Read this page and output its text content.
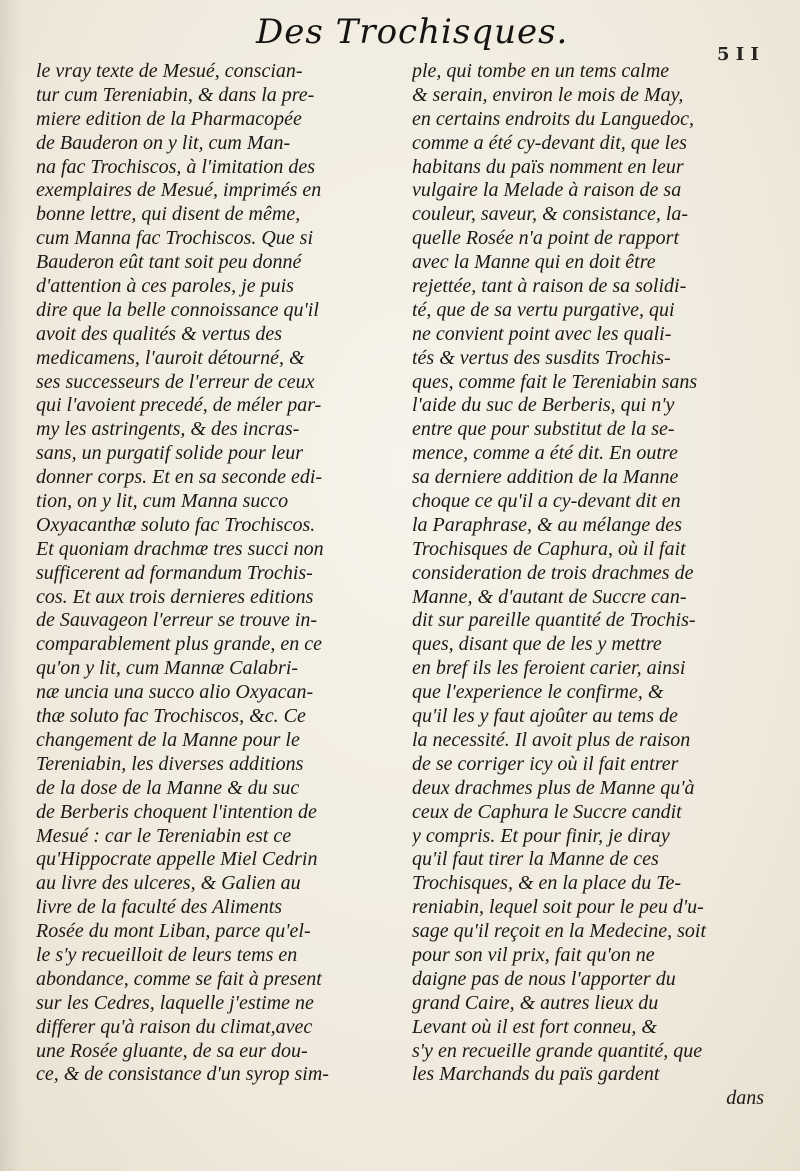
Des Trochisques.
5 I I
le vray texte de Mesué, conscian-
tur cum Tereniabin, & dans la pre-
miere edition de la Pharmacopée
de Bauderon on y lit, cum Man-
na fac Trochiscos, à l'imitation des
exemplaires de Mesué, imprimés en
bonne lettre, qui disent de même,
cum Manna fac Trochiscos. Que si
Bauderon eût tant soit peu donné
d'attention à ces paroles, je puis
dire que la belle connoissance qu'il
avoit des qualités & vertus des
medicamens, l'auroit détourné, &
ses successeurs de l'erreur de ceux
qui l'avoient precedé, de méler par-
my les astringents, & des incras-
sans, un purgatif solide pour leur
donner corps. Et en sa seconde edi-
tion, on y lit, cum Manna succo
Oxyacanthæ soluto fac Trochiscos.
Et quoniam drachmæ tres succi non
sufficerent ad formandum Trochis-
cos. Et aux trois dernieres editions
de Sauvageon l'erreur se trouve in-
comparablement plus grande, en ce
qu'on y lit, cum Mannæ Calabri-
næ uncia una succo alio Oxyacan-
thæ soluto fac Trochiscos, &c. Ce
changement de la Manne pour le
Tereniabin, les diverses additions
de la dose de la Manne & du suc
de Berberis choquent l'intention de
Mesué : car le Tereniabin est ce
qu'Hippocrate appelle Miel Cedrin
au livre des ulceres, & Galien au
livre de la faculté des Aliments
Rosée du mont Liban, parce qu'el-
le s'y recueilloit de leurs tems en
abondance, comme se fait à present
sur les Cedres, laquelle j'estime ne
differer qu'à raison du climat,avec
une Rosée gluante, de sa eur dou-
ce, & de consistance d'un syrop sim-
ple, qui tombe en un tems calme
& serain, environ le mois de May,
en certains endroits du Languedoc,
comme a été cy-devant dit, que les
habitans du païs nomment en leur
vulgaire la Melade à raison de sa
couleur, saveur, & consistance, la-
quelle Rosée n'a point de rapport
avec la Manne qui en doit être
rejettée, tant à raison de sa solidi-
té, que de sa vertu purgative, qui
ne convient point avec les quali-
tés & vertus des susdits Trochis-
ques, comme fait le Tereniabin sans
l'aide du suc de Berberis, qui n'y
entre que pour substitut de la se-
mence, comme a été dit. En outre
sa derniere addition de la Manne
choque ce qu'il a cy-devant dit en
la Paraphrase, & au mélange des
Trochisques de Caphura, où il fait
consideration de trois drachmes de
Manne, & d'autant de Succre can-
dit sur pareille quantité de Trochis-
ques, disant que de les y mettre
en bref ils les feroient carier, ainsi
que l'experience le confirme, &
qu'il les y faut ajoûter au tems de
la necessité. Il avoit plus de raison
de se corriger icy où il fait entrer
deux drachmes plus de Manne qu'à
ceux de Caphura le Succre candit
y compris. Et pour finir, je diray
qu'il faut tirer la Manne de ces
Trochisques, & en la place du Te-
reniabin, lequel soit pour le peu d'u-
sage qu'il reçoit en la Medecine, soit
pour son vil prix, fait qu'on ne
daigne pas de nous l'apporter du
grand Caire, & autres lieux du
Levant où il est fort conneu, &
s'y en recueille grande quantité, que
les Marchands du païs gardent
dans
